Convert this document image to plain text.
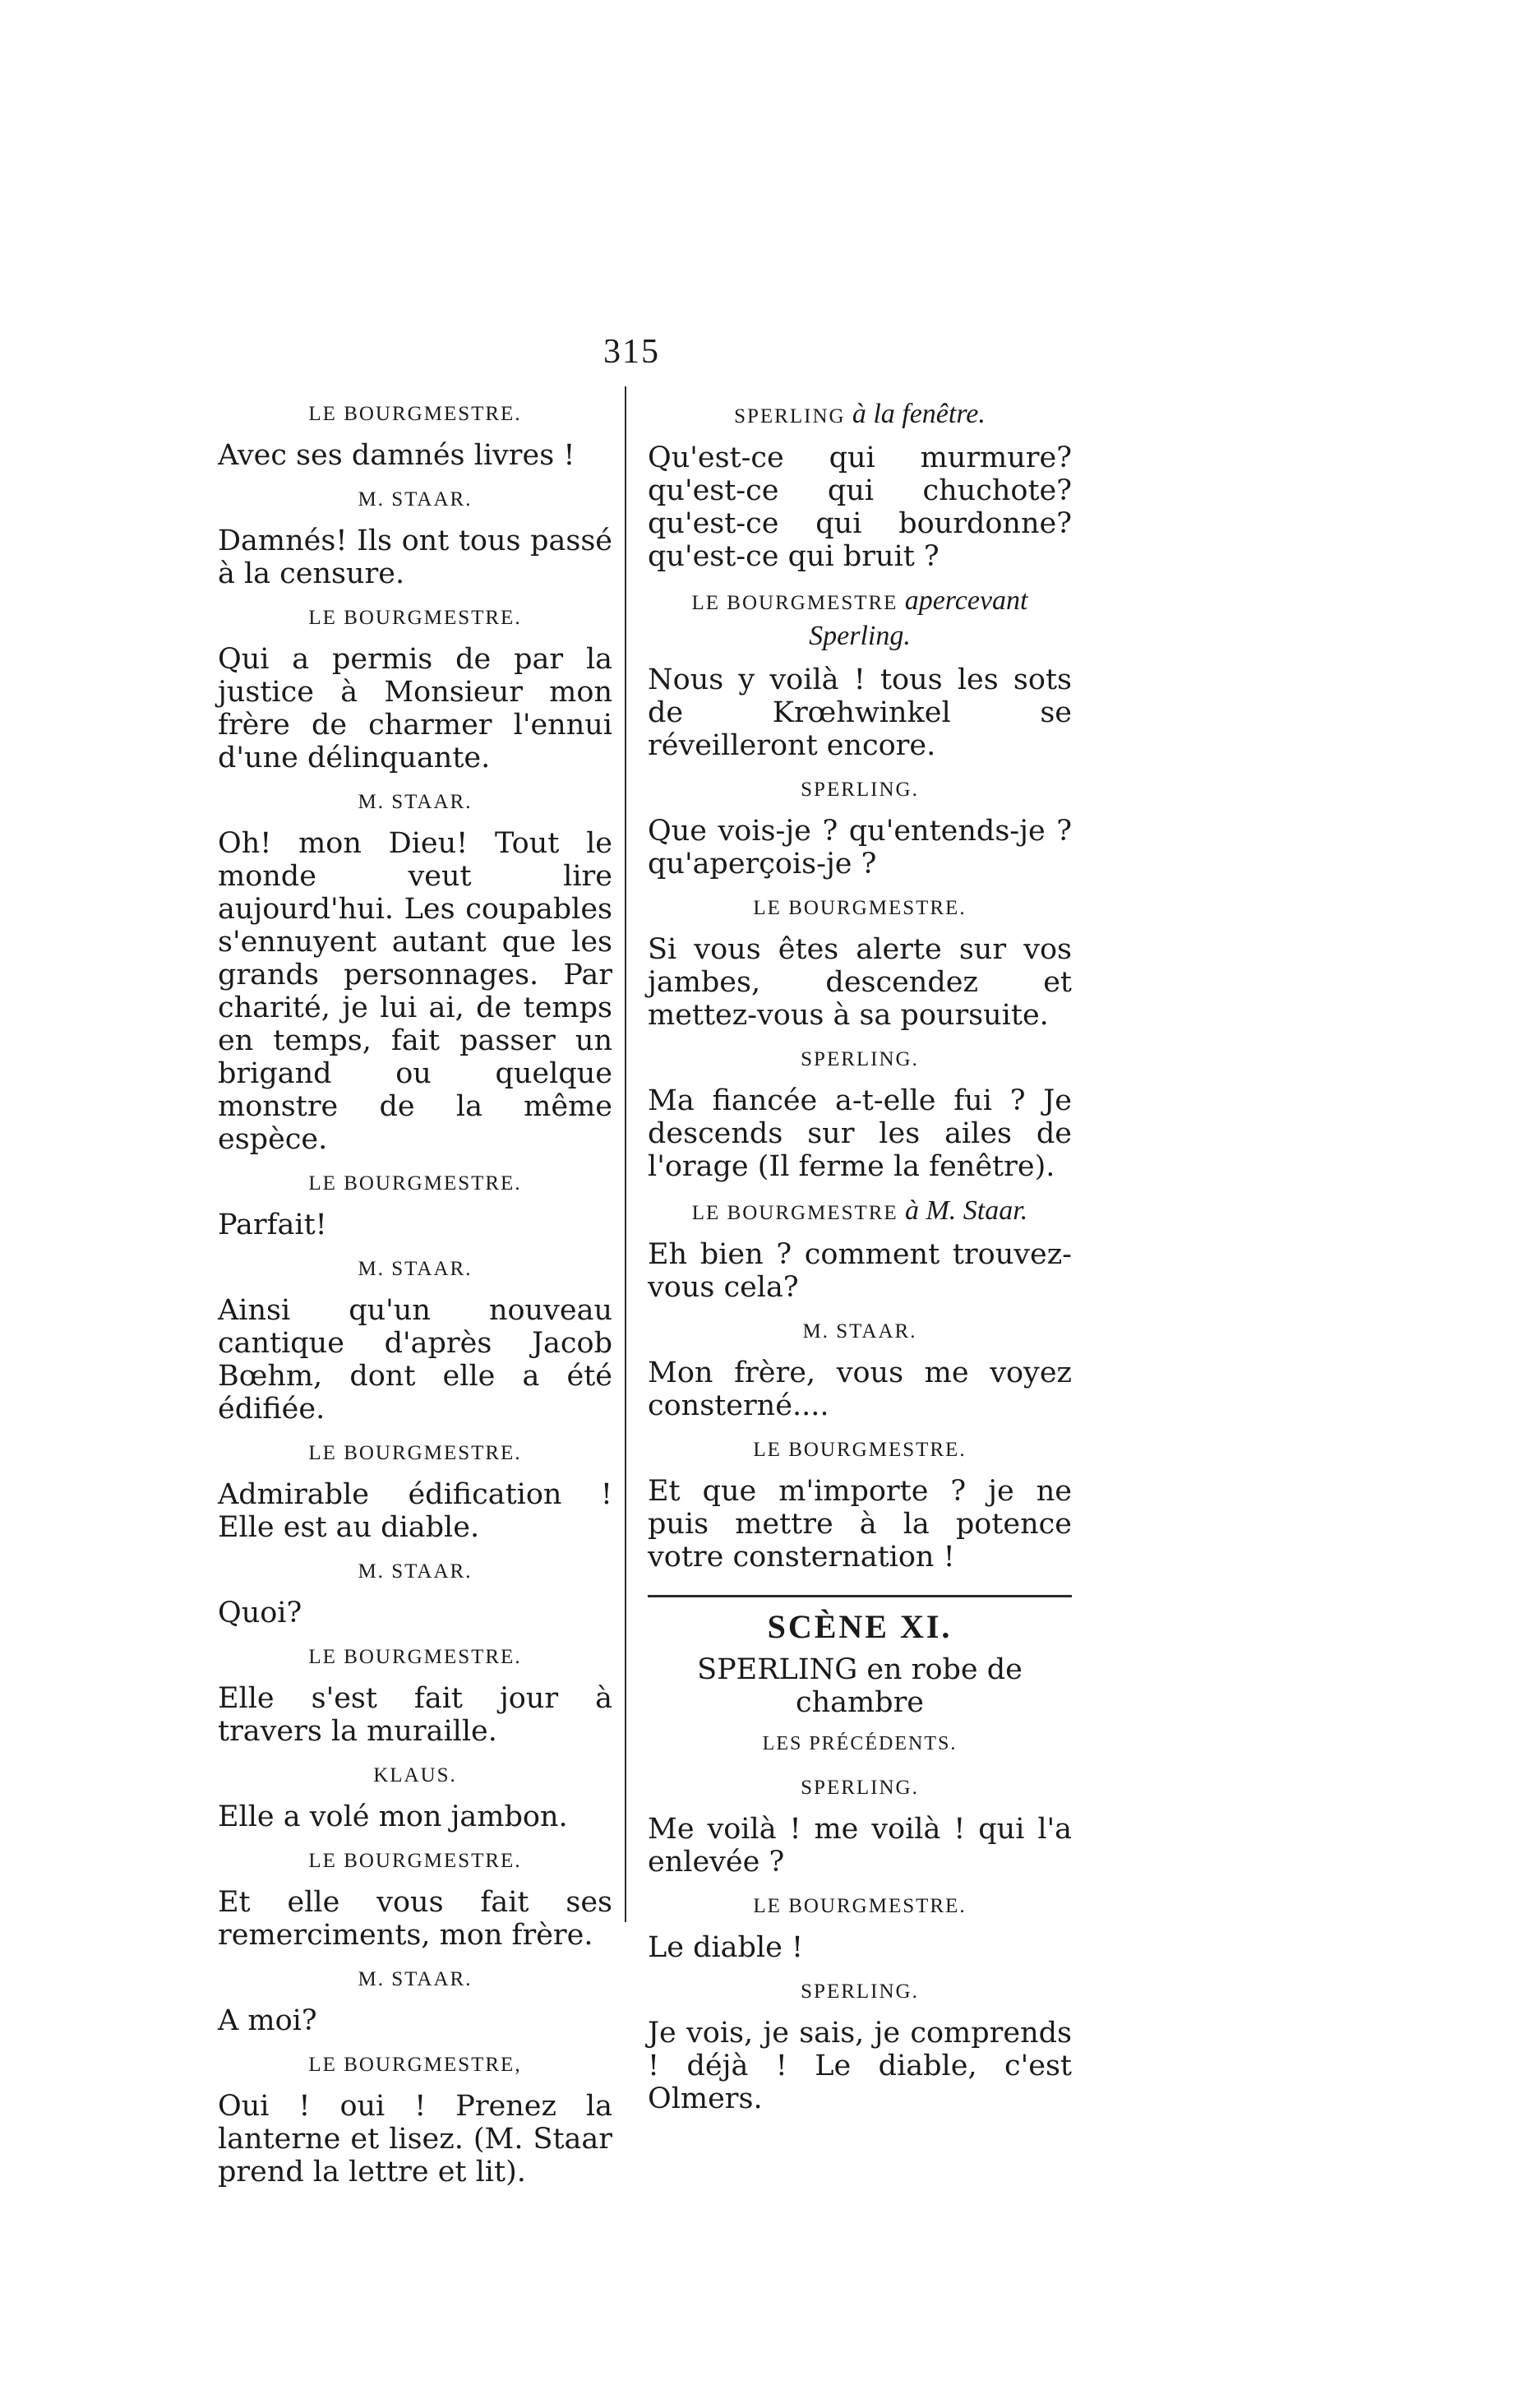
315
LE BOURGMESTRE.

Avec ses damnés livres !

M. STAAR.

Damnés! Ils ont tous passé à la censure.

LE BOURGMESTRE.

Qui a permis de par la justice à Monsieur mon frère de charmer l'ennui d'une délinquante.

M. STAAR.

Oh! mon Dieu! Tout le monde veut lire aujourd'hui. Les coupables s'ennuyent autant que les grands personnages. Par charité, je lui ai, de temps en temps, fait passer un brigand ou quelque monstre de la même espèce.

LE BOURGMESTRE.

Parfait!

M. STAAR.

Ainsi qu'un nouveau cantique d'après Jacob Bœhm, dont elle a été édifiée.

LE BOURGMESTRE.

Admirable édification ! Elle est au diable.

M. STAAR.

Quoi?

LE BOURGMESTRE.

Elle s'est fait jour à travers la muraille.

KLAUS.

Elle a volé mon jambon.

LE BOURGMESTRE.

Et elle vous fait ses remerciments, mon frère.

M. STAAR.

A moi?

LE BOURGMESTRE,

Oui ! oui ! Prenez la lanterne et lisez. (M. Staar prend la lettre et lit).

SPERLING à la fenêtre.

Qu'est-ce qui murmure? qu'est-ce qui chuchote? qu'est-ce qui bourdonne? qu'est-ce qui bruit ?

LE BOURGMESTRE apercevant Sperling.

Nous y voilà ! tous les sots de Krœhwinkel se réveilleront encore.

SPERLING.

Que vois-je ? qu'entends-je ? qu'aperçois-je ?

LE BOURGMESTRE.

Si vous êtes alerte sur vos jambes, descendez et mettez-vous à sa poursuite.

SPERLING.

Ma fiancée a-t-elle fui ? Je descends sur les ailes de l'orage (Il ferme la fenêtre).

LE BOURGMESTRE à M. Staar.

Eh bien ? comment trouvez-vous cela?

M. STAAR.

Mon frère, vous me voyez consterné....

LE BOURGMESTRE.

Et que m'importe ? je ne puis mettre à la potence votre consternation !

SCÈNE XI.
SPERLING en robe de chambre
LES PRÉCÉDENTS.
SPERLING.

Me voilà ! me voilà ! qui l'a enlevée ?

LE BOURGMESTRE.

Le diable !

SPERLING.

Je vois, je sais, je comprends ! déjà ! Le diable, c'est Olmers.
